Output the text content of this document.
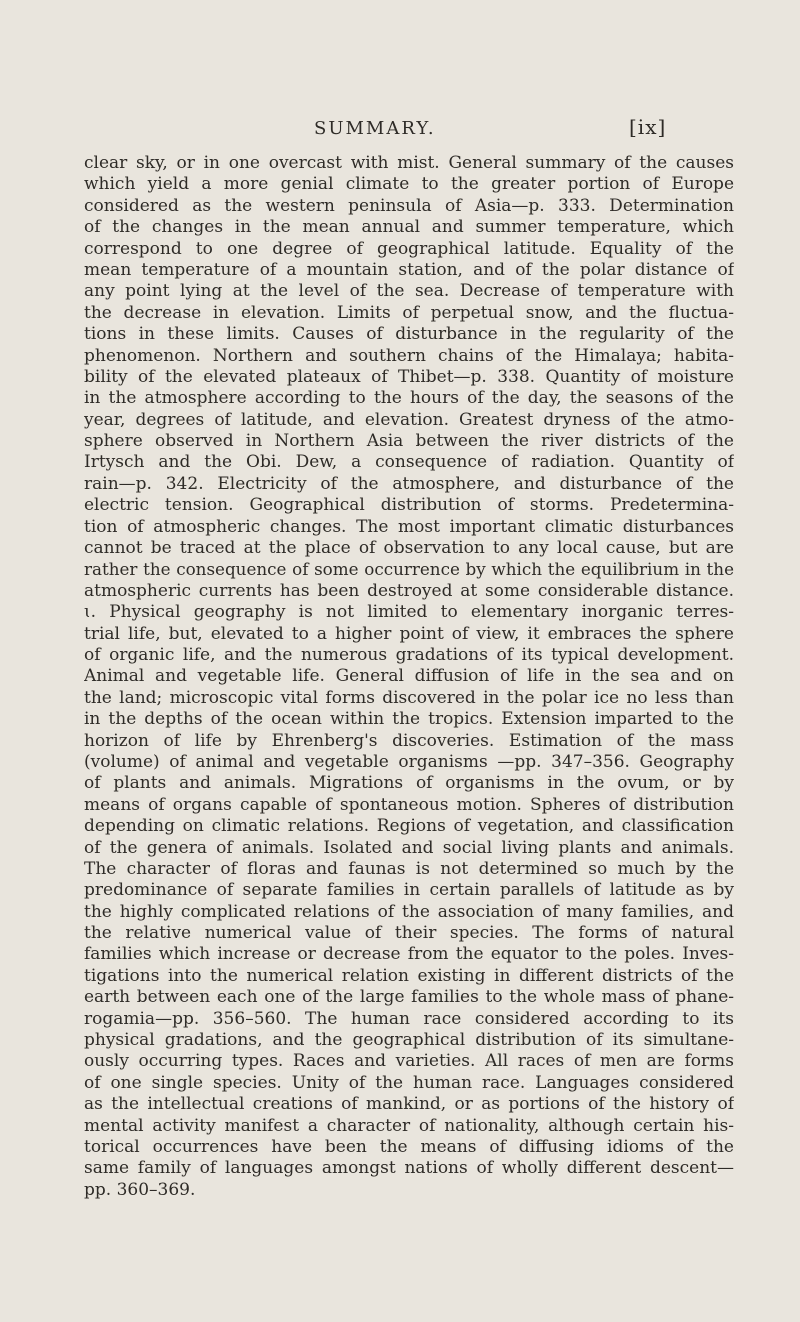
SUMMARY.	[ix]
clear sky, or in one overcast with mist. General summary of the causes
which yield a more genial climate to the greater portion of Europe
considered as the western peninsula of Asia—p. 333. Determination
of the changes in the mean annual and summer temperature, which
correspond to one degree of geographical latitude. Equality of the
mean temperature of a mountain station, and of the polar distance of
any point lying at the level of the sea. Decrease of temperature with
the decrease in elevation. Limits of perpetual snow, and the fluctua-
tions in these limits. Causes of disturbance in the regularity of the
phenomenon. Northern and southern chains of the Himalaya; habita-
bility of the elevated plateaux of Thibet—p. 338. Quantity of moisture
in the atmosphere according to the hours of the day, the seasons of the
year, degrees of latitude, and elevation. Greatest dryness of the atmo-
sphere observed in Northern Asia between the river districts of the
Irtysch and the Obi. Dew, a consequence of radiation. Quantity of
rain—p. 342. Electricity of the atmosphere, and disturbance of the
electric tension. Geographical distribution of storms. Predetermina-
tion of atmospheric changes. The most important climatic disturbances
cannot be traced at the place of observation to any local cause, but are
rather the consequence of some occurrence by which the equilibrium in the
atmospheric currents has been destroyed at some considerable distance.
ɩ. Physical geography is not limited to elementary inorganic terres-
trial life, but, elevated to a higher point of view, it embraces the sphere
of organic life, and the numerous gradations of its typical development.
Animal and vegetable life. General diffusion of life in the sea and on
the land; microscopic vital forms discovered in the polar ice no less than
in the depths of the ocean within the tropics. Extension imparted to the
horizon of life by Ehrenberg's discoveries. Estimation of the mass
(volume) of animal and vegetable organisms —pp. 347–356. Geography
of plants and animals. Migrations of organisms in the ovum, or by
means of organs capable of spontaneous motion. Spheres of distribution
depending on climatic relations. Regions of vegetation, and classification
of the genera of animals. Isolated and social living plants and animals.
The character of floras and faunas is not determined so much by the
predominance of separate families in certain parallels of latitude as by
the highly complicated relations of the association of many families, and
the relative numerical value of their species. The forms of natural
families which increase or decrease from the equator to the poles. Inves-
tigations into the numerical relation existing in different districts of the
earth between each one of the large families to the whole mass of phane-
rogamia—pp. 356–560. The human race considered according to its
physical gradations, and the geographical distribution of its simultane-
ously occurring types. Races and varieties. All races of men are forms
of one single species. Unity of the human race. Languages considered
as the intellectual creations of mankind, or as portions of the history of
mental activity manifest a character of nationality, although certain his-
torical occurrences have been the means of diffusing idioms of the
same family of languages amongst nations of wholly different descent—
pp. 360–369.
